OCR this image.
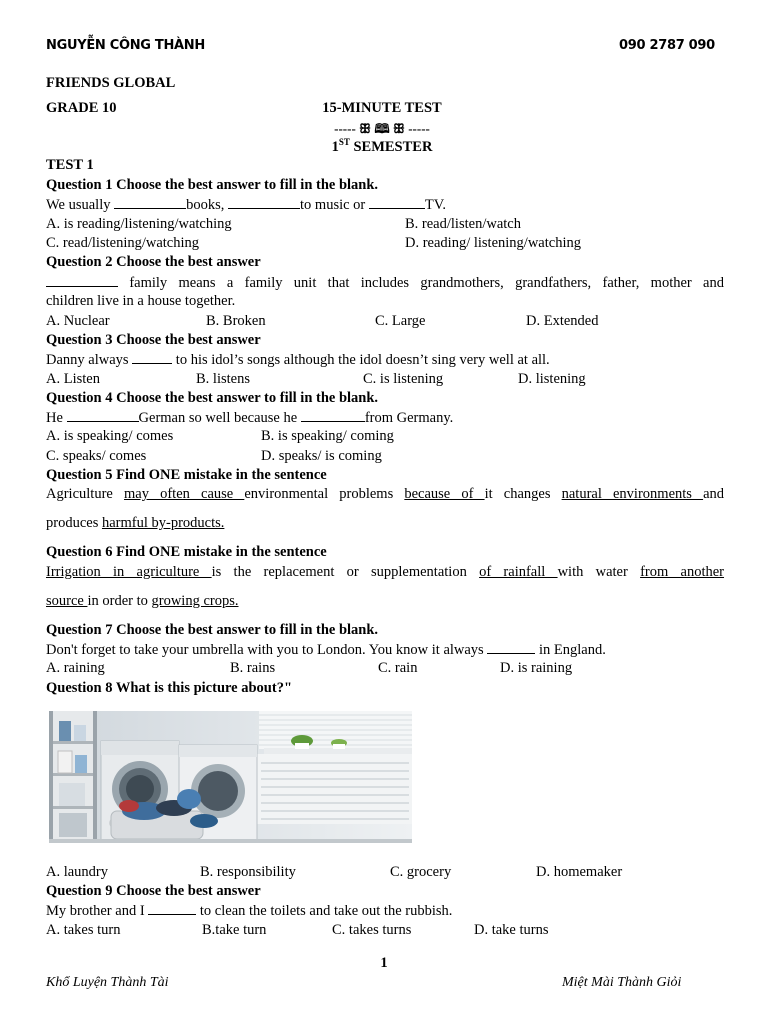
NGUYỄN CÔNG THÀNH	090 2787 090
FRIENDS GLOBAL
GRADE 10	15-MINUTE TEST
----- ꕥ 🕮 ꕥ -----
1ST SEMESTER
TEST 1
Question 1 Choose the best answer to fill in the blank.
We usually	books,	to music or	TV.
A. is reading/listening/watching	B. read/listen/watch
C. read/listening/watching	D. reading/ listening/watching
Question 2 Choose the best answer
family means a family unit that includes grandmothers, grandfathers, father, mother and
children live in a house together.
A. Nuclear	B. Broken	C. Large	D. Extended
Question 3 Choose the best answer
Danny always	to his idol’s songs although the idol doesn’t sing very well at all.
A. Listen	B. listens	C. is listening	D. listening
Question 4 Choose the best answer to fill in the blank.
He	German so well because he	from Germany.
A. is speaking/ comes	B. is speaking/ coming
C. speaks/ comes	D. speaks/ is coming
Question 5 Find ONE mistake in the sentence
Agriculture may often cause environmental problems because of it changes natural environments and
produces harmful by-products.
Question 6 Find ONE mistake in the sentence
Irrigation in agriculture is the replacement or supplementation of rainfall with water from another
source in order to growing crops.
Question 7 Choose the best answer to fill in the blank.
Don't forget to take your umbrella with you to London. You know it always	in England.
A. raining	B. rains	C. rain	D. is raining
Question 8 What is this picture about?"
A. laundry	B. responsibility	C. grocery	D. homemaker
Question 9 Choose the best answer
My brother and I	to clean the toilets and take out the rubbish.
A. takes turn	B.take turn	C. takes turns	D. take turns
1
Khổ Luyện Thành Tài	Miệt Mài Thành Giỏi
